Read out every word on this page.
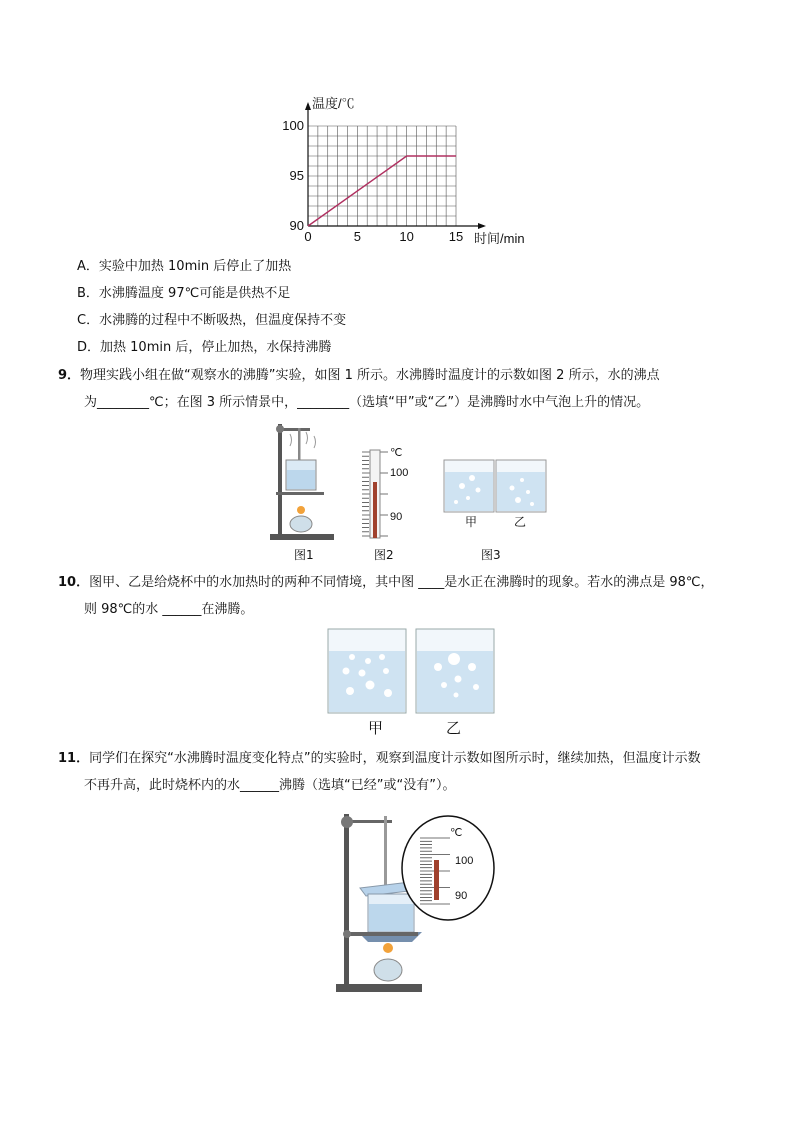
0	5	10	15
90
95
100
温度/℃
时间/min
A．实验中加热 10min 后停止了加热
B．水沸腾温度 97℃可能是供热不足
C．水沸腾的过程中不断吸热，但温度保持不变
D．加热 10min 后，停止加热，水保持沸腾
9．物理实践小组在做“观察水的沸腾”实验，如图 1 所示。水沸腾时温度计的示数如图 2 所示，水的沸点
为________℃；在图 3 所示情景中，________（选填“甲”或“乙”）是沸腾时水中气泡上升的情况。
图1
℃
100
90
图2
甲	乙
图3
10．图甲、乙是给烧杯中的水加热时的两种不同情境，其中图 ____是水正在沸腾时的现象。若水的沸点是 98℃，
则 98℃的水 ______在沸腾。
甲	乙
11．同学们在探究“水沸腾时温度变化特点”的实验时，观察到温度计示数如图所示时，继续加热，但温度计示数
不再升高，此时烧杯内的水______沸腾（选填“已经”或“没有”）。
℃
100
90
